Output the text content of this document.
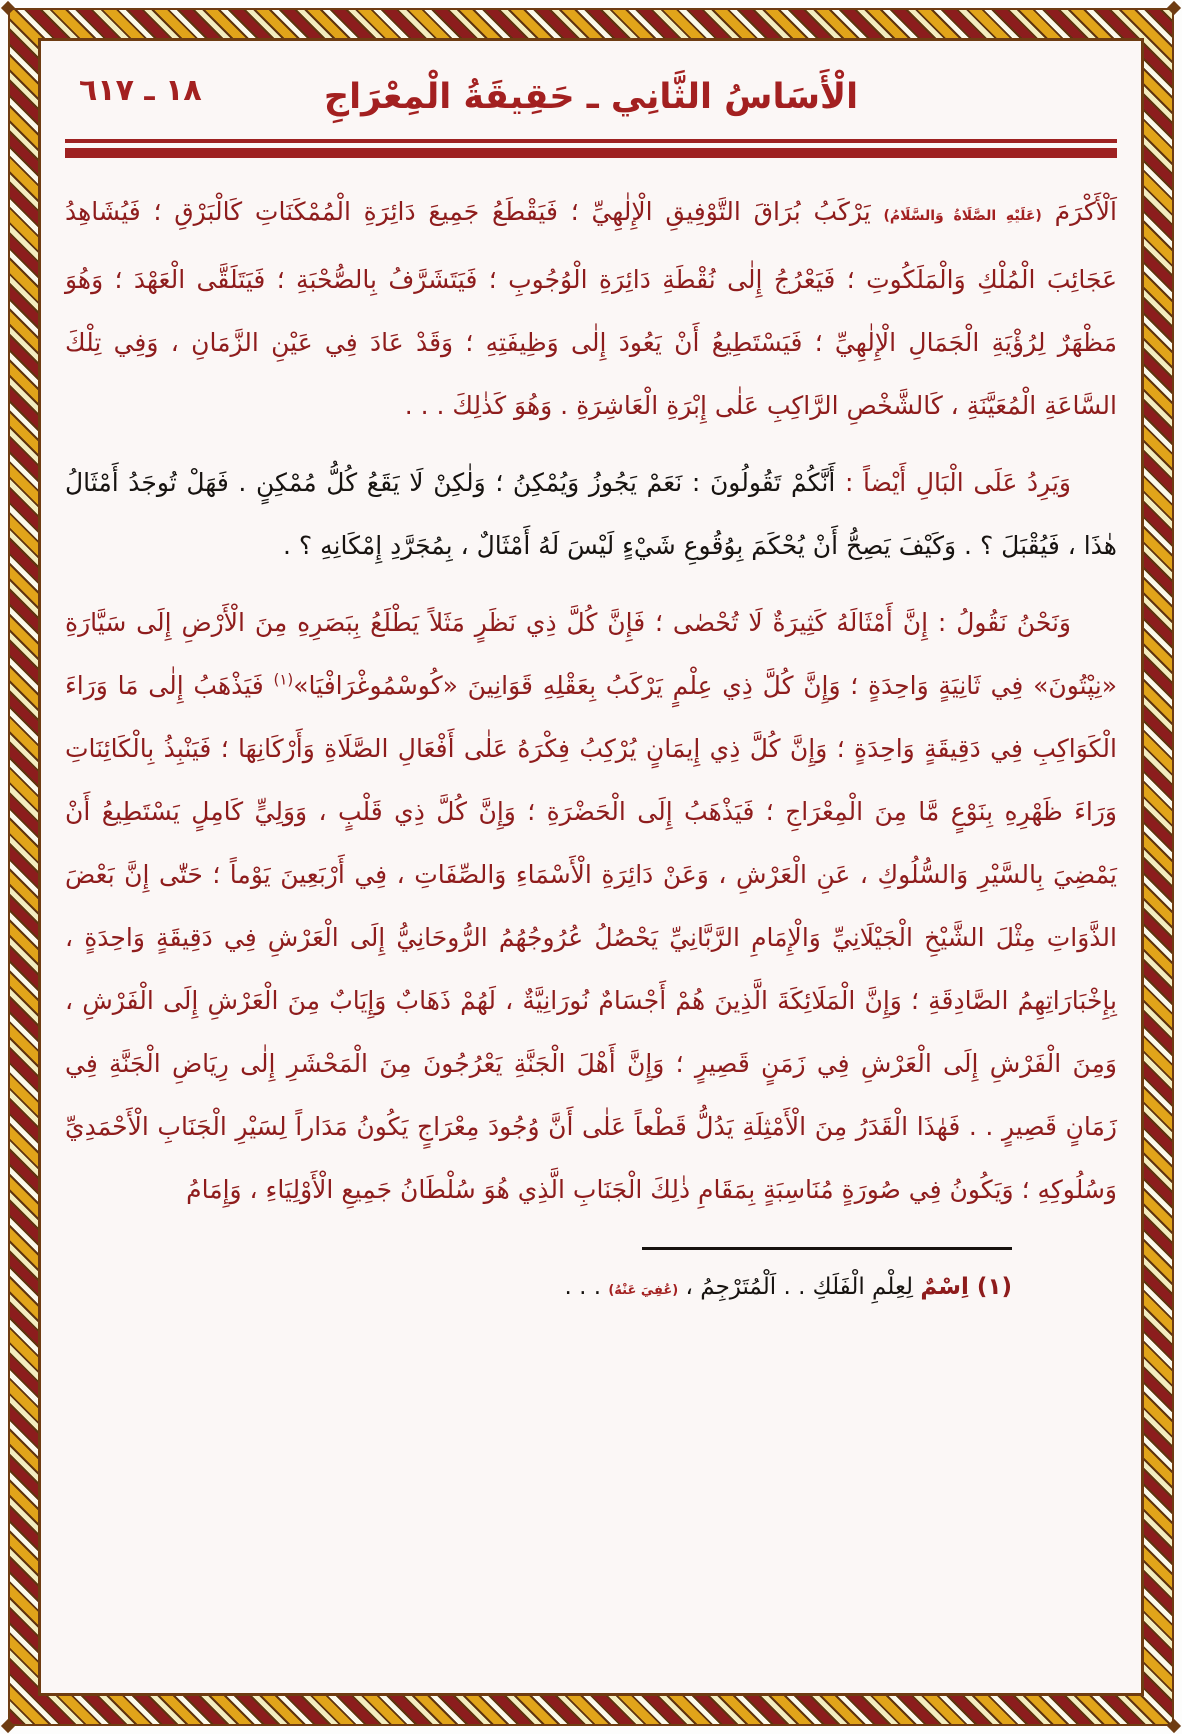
١٨ ـ ٦١٧	الْأَسَاسُ الثَّانِي ـ حَقِيقَةُ الْمِعْرَاجِ

اَلْأَكْرَمَ (عَلَيْهِ الصَّلَاةُ وَالسَّلَامُ) يَرْكَبُ بُرَاقَ التَّوْفِيقِ الْإِلٰهِيِّ ؛ فَيَقْطَعُ جَمِيعَ دَائِرَةِ الْمُمْكَنَاتِ كَالْبَرْقِ ؛ فَيُشَاهِدُ عَجَائِبَ الْمُلْكِ وَالْمَلَكُوتِ ؛ فَيَعْرُجُ إِلٰى نُقْطَةِ دَائِرَةِ الْوُجُوبِ ؛ فَيَتَشَرَّفُ بِالصُّحْبَةِ ؛ فَيَتَلَقَّى الْعَهْدَ ؛ وَهُوَ مَظْهَرٌ لِرُؤْيَةِ الْجَمَالِ الْإِلٰهِيِّ ؛ فَيَسْتَطِيعُ أَنْ يَعُودَ إِلٰى وَظِيفَتِهِ ؛ وَقَدْ عَادَ فِي عَيْنِ الزَّمَانِ ، وَفِي تِلْكَ السَّاعَةِ الْمُعَيَّنَةِ ، كَالشَّخْصِ الرَّاكِبِ عَلٰى إِبْرَةِ الْعَاشِرَةِ . وَهُوَ كَذٰلِكَ . . .

وَيَرِدُ عَلَى الْبَالِ أَيْضاً : أَنَّكُمْ تَقُولُونَ : نَعَمْ يَجُوزُ وَيُمْكِنُ ؛ وَلٰكِنْ لَا يَقَعُ كُلُّ مُمْكِنٍ . فَهَلْ تُوجَدُ أَمْثَالُ هٰذَا ، فَيُقْبَلَ ؟ . وَكَيْفَ يَصِحُّ أَنْ يُحْكَمَ بِوُقُوعِ شَيْءٍ لَيْسَ لَهُ أَمْثَالٌ ، بِمُجَرَّدِ إِمْكَانِهِ ؟ .

وَنَحْنُ نَقُولُ : إِنَّ أَمْثَالَهُ كَثِيرَةٌ لَا تُحْصٰى ؛ فَإِنَّ كُلَّ ذِي نَظَرٍ مَثَلاً يَطْلَعُ بِبَصَرِهِ مِنَ الْأَرْضِ إِلَى سَيَّارَةِ «نِپْتُونَ» فِي ثَانِيَةٍ وَاحِدَةٍ ؛ وَإِنَّ كُلَّ ذِي عِلْمٍ يَرْكَبُ بِعَقْلِهِ قَوَانِينَ «كُوسْمُوغْرَافْيَا»$^{(١)}$ فَيَذْهَبُ إِلٰى مَا وَرَاءَ الْكَوَاكِبِ فِي دَقِيقَةٍ وَاحِدَةٍ ؛ وَإِنَّ كُلَّ ذِي إِيمَانٍ يُرْكِبُ فِكْرَهُ عَلٰى أَفْعَالِ الصَّلَاةِ وَأَرْكَانِهَا ؛ فَيَنْبِذُ بِالْكَائِنَاتِ وَرَاءَ ظَهْرِهِ بِنَوْعٍ مَّا مِنَ الْمِعْرَاجِ ؛ فَيَذْهَبُ إِلَى الْحَضْرَةِ ؛ وَإِنَّ كُلَّ ذِي قَلْبٍ ، وَوَلِيٍّ كَامِلٍ يَسْتَطِيعُ أَنْ يَمْضِيَ بِالسَّيْرِ وَالسُّلُوكِ ، عَنِ الْعَرْشِ ، وَعَنْ دَائِرَةِ الْأَسْمَاءِ وَالصِّفَاتِ ، فِي أَرْبَعِينَ يَوْماً ؛ حَتّٰى إِنَّ بَعْضَ الذَّوَاتِ مِثْلَ الشَّيْخِ الْجَيْلَانِيِّ وَالْإِمَامِ الرَّبَّانِيِّ يَحْصُلُ عُرُوجُهُمُ الرُّوحَانِيُّ إِلَى الْعَرْشِ فِي دَقِيقَةٍ وَاحِدَةٍ ، بِإِخْبَارَاتِهِمُ الصَّادِقَةِ ؛ وَإِنَّ الْمَلَائِكَةَ الَّذِينَ هُمْ أَجْسَامٌ نُورَانِيَّةٌ ، لَهُمْ ذَهَابٌ وَإِيَابٌ مِنَ الْعَرْشِ إِلَى الْفَرْشِ ، وَمِنَ الْفَرْشِ إِلَى الْعَرْشِ فِي زَمَنٍ قَصِيرٍ ؛ وَإِنَّ أَهْلَ الْجَنَّةِ يَعْرُجُونَ مِنَ الْمَحْشَرِ إِلٰى رِيَاضِ الْجَنَّةِ فِي زَمَانٍ قَصِيرٍ . . فَهٰذَا الْقَدَرُ مِنَ الْأَمْثِلَةِ يَدُلُّ قَطْعاً عَلٰى أَنَّ وُجُودَ مِعْرَاجٍ يَكُونُ مَدَاراً لِسَيْرِ الْجَنَابِ الْأَحْمَدِيِّ وَسُلُوكِهِ ؛ وَيَكُونُ فِي صُورَةٍ مُنَاسِبَةٍ بِمَقَامِ ذٰلِكَ الْجَنَابِ الَّذِي هُوَ سُلْطَانُ جَمِيعِ الْأَوْلِيَاءِ ، وَإِمَامُ

(١) اِسْمٌ لِعِلْمِ الْفَلَكِ . . اَلْمُتَرْجِمُ ، (عُفِيَ عَنْهُ) . . .
